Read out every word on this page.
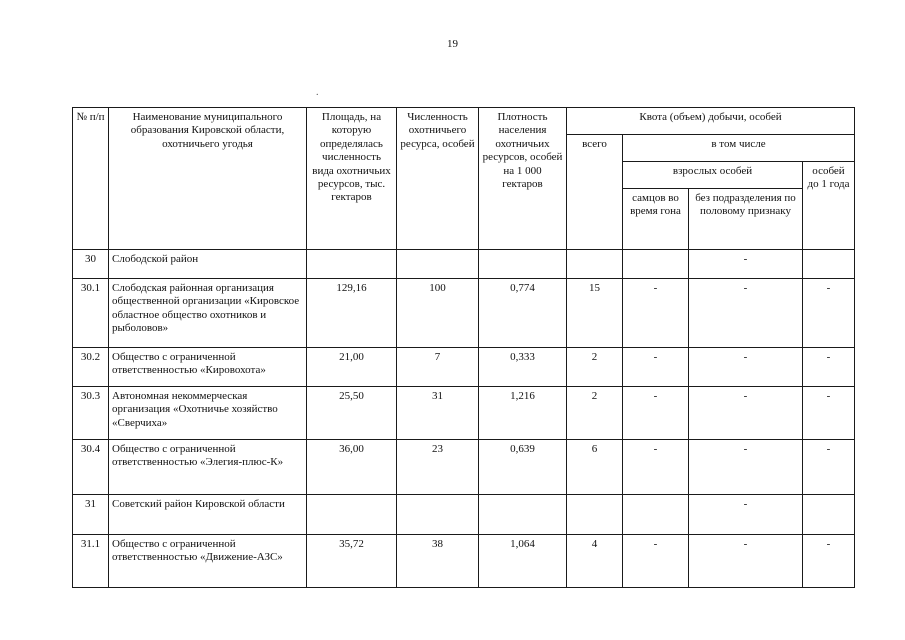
19
.
№ п/п	Наименование муниципального образования Кировской области, охотничьего угодья	Площадь, на которую определялась численность вида охотничьих ресурсов, тыс. гектаров	Численность охотничьего ресурса, особей	Плотность населения охотничьих ресурсов, особей на 1 000 гектаров	Квота (объем) добычи, особей			
					всего	в том числе		
						взрослых особей		особей до 1 года
						самцов во время гона	без подразделения по половому признаку	
30	Слободской район						-	
30.1	Слободская районная организация общественной организации «Кировское областное общество охотников и рыболовов»	129,16	100	0,774	15	-	-	-
30.2	Общество с ограниченной ответственностью «Кировохота»	21,00	7	0,333	2	-	-	-
30.3	Автономная некоммерческая организация «Охотничье хозяйство «Сверчиха»	25,50	31	1,216	2	-	-	-
30.4	Общество с ограниченной ответственностью «Элегия-плюс-К»	36,00	23	0,639	6	-	-	-
31	Советский район Кировской области						-	
31.1	Общество с ограниченной ответственностью «Движение-АЗС»	35,72	38	1,064	4	-	-	-
